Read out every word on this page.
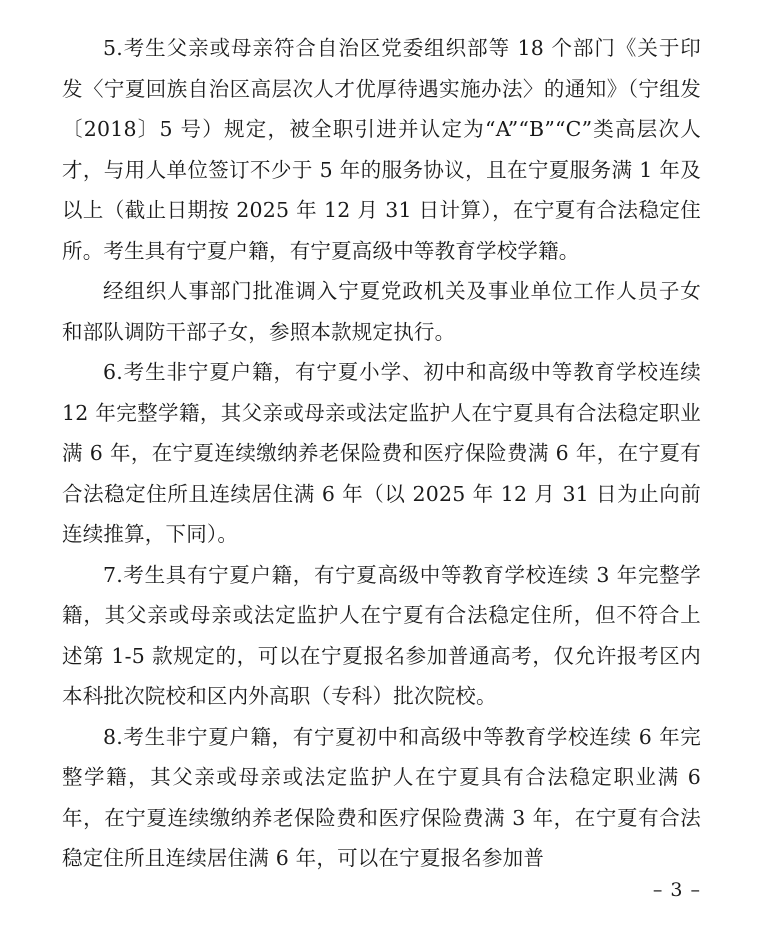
5.考生父亲或母亲符合自治区党委组织部等 18 个部门《关于印发〈宁夏回族自治区高层次人才优厚待遇实施办法〉的通知》（宁组发〔2018〕5 号）规定，被全职引进并认定为“A”“B”“C”类高层次人才，与用人单位签订不少于 5 年的服务协议，且在宁夏服务满 1 年及以上（截止日期按 2025 年 12 月 31 日计算），在宁夏有合法稳定住所。考生具有宁夏户籍，有宁夏高级中等教育学校学籍。

经组织人事部门批准调入宁夏党政机关及事业单位工作人员子女和部队调防干部子女，参照本款规定执行。

6.考生非宁夏户籍，有宁夏小学、初中和高级中等教育学校连续 12 年完整学籍，其父亲或母亲或法定监护人在宁夏具有合法稳定职业满 6 年，在宁夏连续缴纳养老保险费和医疗保险费满 6 年，在宁夏有合法稳定住所且连续居住满 6 年（以 2025 年 12 月 31 日为止向前连续推算，下同）。

7.考生具有宁夏户籍，有宁夏高级中等教育学校连续 3 年完整学籍，其父亲或母亲或法定监护人在宁夏有合法稳定住所，但不符合上述第 1-5 款规定的，可以在宁夏报名参加普通高考，仅允许报考区内本科批次院校和区内外高职（专科）批次院校。

8.考生非宁夏户籍，有宁夏初中和高级中等教育学校连续 6 年完整学籍，其父亲或母亲或法定监护人在宁夏具有合法稳定职业满 6 年，在宁夏连续缴纳养老保险费和医疗保险费满 3 年，在宁夏有合法稳定住所且连续居住满 6 年，可以在宁夏报名参加普

– 3 –
